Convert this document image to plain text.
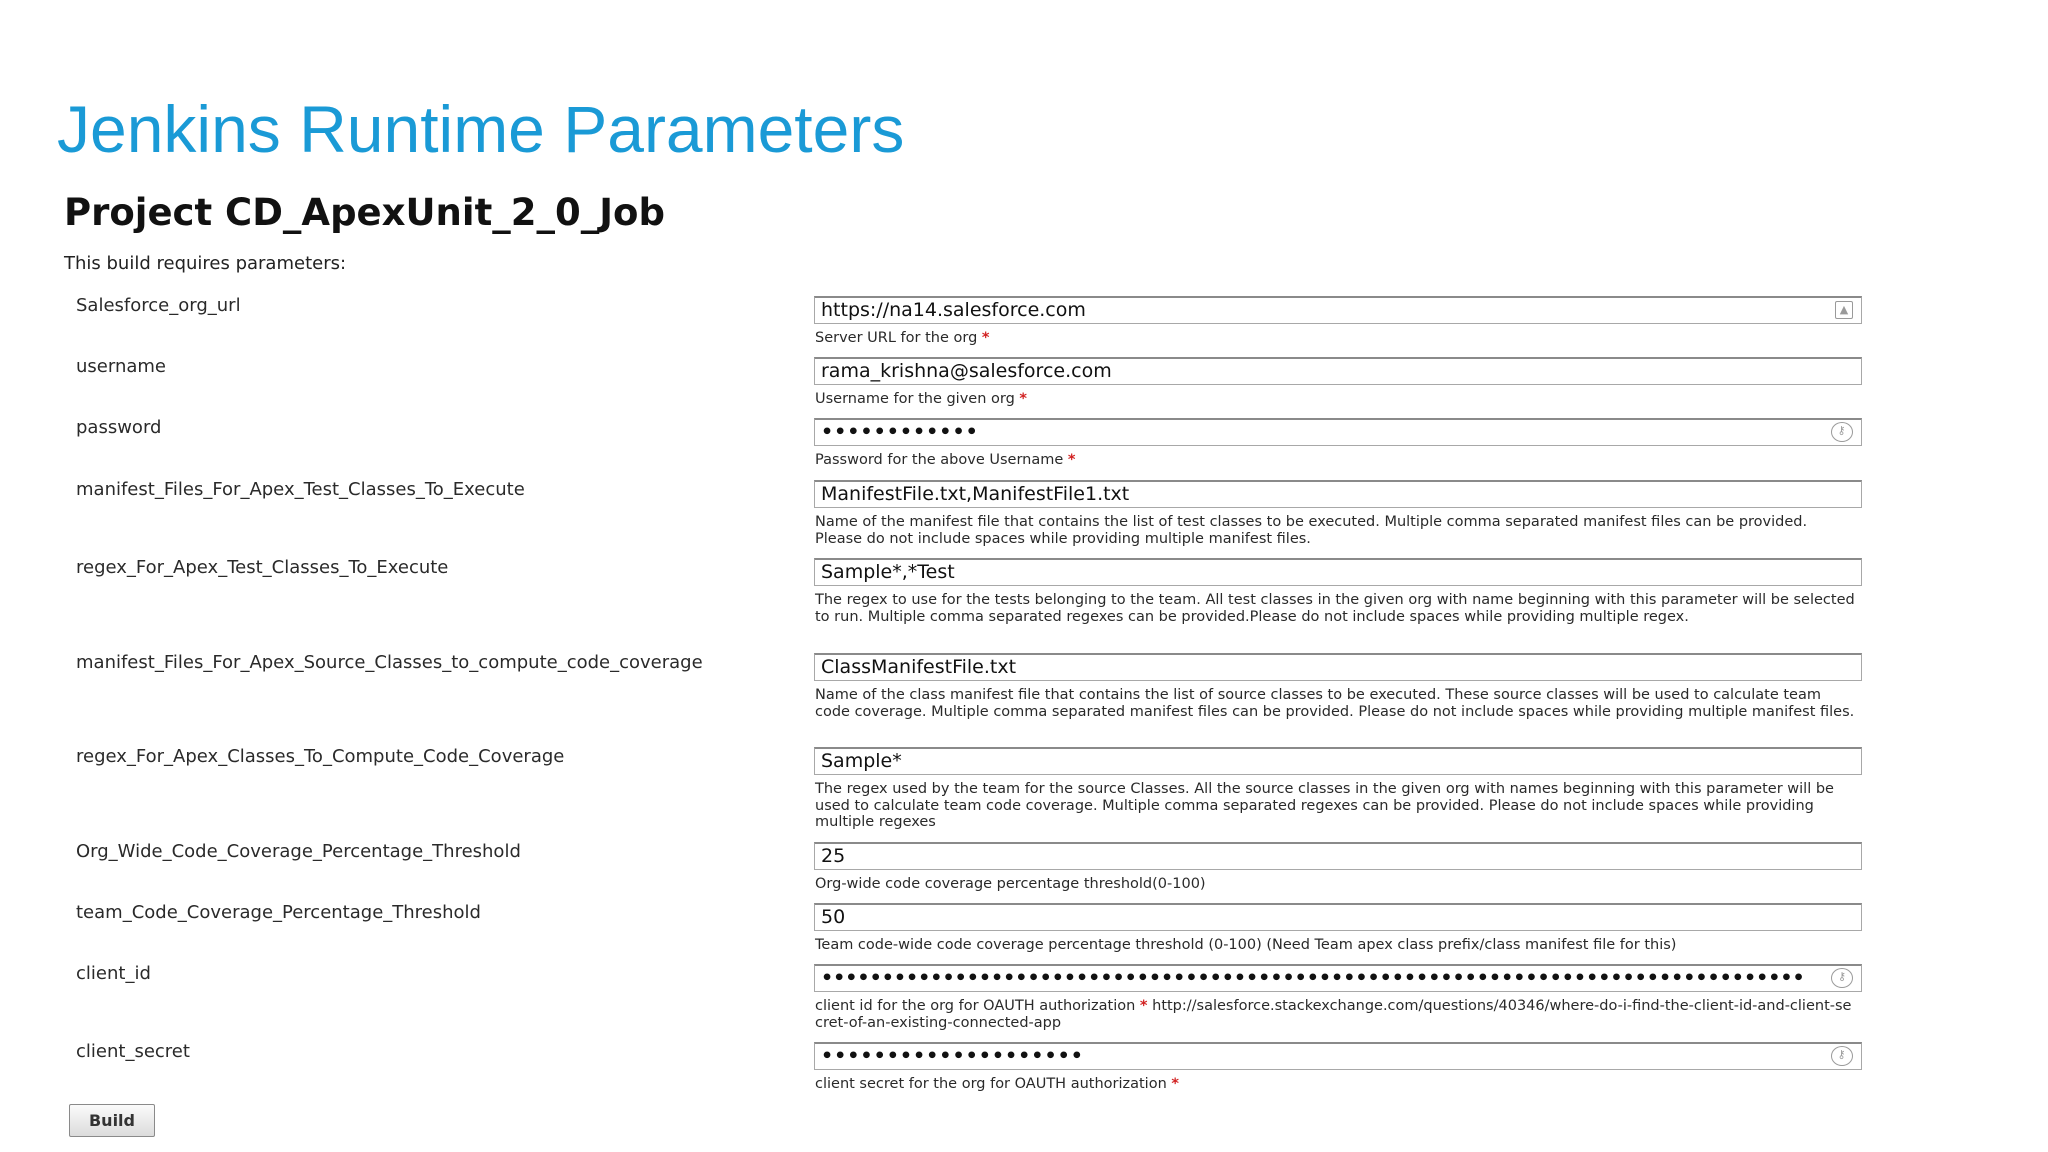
Jenkins Runtime Parameters
Project CD_ApexUnit_2_0_Job
This build requires parameters:
Salesforce_org_url	https://na14.salesforce.com	▲
Server URL for the org *
username	rama_krishna@salesforce.com
Username for the given org *
password	••••••••••••	⚷
Password for the above Username *
manifest_Files_For_Apex_Test_Classes_To_Execute	ManifestFile.txt,ManifestFile1.txt
Name of the manifest file that contains the list of test classes to be executed. Multiple comma separated manifest files can be provided. Please do not include spaces while providing multiple manifest files.
regex_For_Apex_Test_Classes_To_Execute	Sample*,*Test
The regex to use for the tests belonging to the team. All test classes in the given org with name beginning with this parameter will be selected to run. Multiple comma separated regexes can be provided.Please do not include spaces while providing multiple regex.
manifest_Files_For_Apex_Source_Classes_to_compute_code_coverage	ClassManifestFile.txt
Name of the class manifest file that contains the list of source classes to be executed. These source classes will be used to calculate team code coverage. Multiple comma separated manifest files can be provided. Please do not include spaces while providing multiple manifest files.
regex_For_Apex_Classes_To_Compute_Code_Coverage	Sample*
The regex used by the team for the source Classes. All the source classes in the given org with names beginning with this parameter will be used to calculate team code coverage. Multiple comma separated regexes can be provided. Please do not include spaces while providing multiple regexes
Org_Wide_Code_Coverage_Percentage_Threshold	25
Org-wide code coverage percentage threshold(0-100)
team_Code_Coverage_Percentage_Threshold	50
Team code-wide code coverage percentage threshold (0-100) (Need Team apex class prefix/class manifest file for this)
client_id	•••••••••••••••••••••••••••••••••••••••••••••••••••••••••••••••••••••••••••••••••	⚷
client id for the org for OAUTH authorization * http://salesforce.stackexchange.com/questions/40346/where-do-i-find-the-client-id-and-client-secret-of-an-existing-connected-app
client_secret	••••••••••••••••••••	⚷
client secret for the org for OAUTH authorization *
Build
